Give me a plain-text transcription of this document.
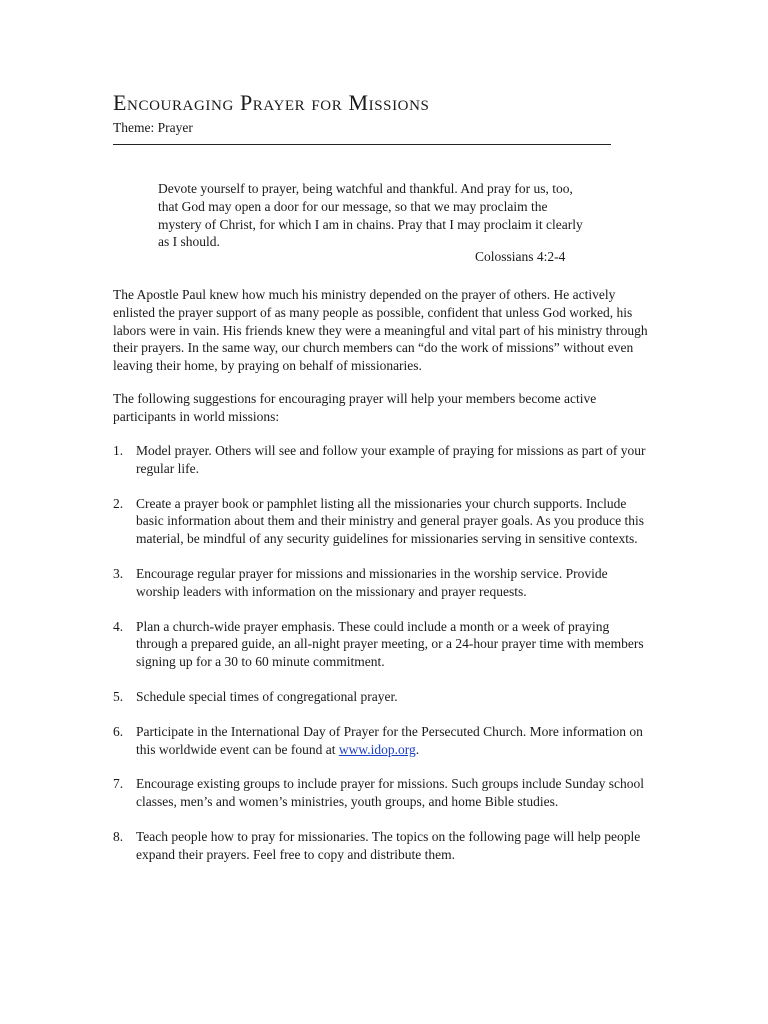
Encouraging Prayer for Missions
Theme: Prayer
Devote yourself to prayer, being watchful and thankful. And pray for us, too, that God may open a door for our message, so that we may proclaim the mystery of Christ, for which I am in chains. Pray that I may proclaim it clearly as I should.
Colossians 4:2-4
The Apostle Paul knew how much his ministry depended on the prayer of others. He actively enlisted the prayer support of as many people as possible, confident that unless God worked, his labors were in vain. His friends knew they were a meaningful and vital part of his ministry through their prayers. In the same way, our church members can “do the work of missions” without even leaving their home, by praying on behalf of missionaries.
The following suggestions for encouraging prayer will help your members become active participants in world missions:
1. Model prayer. Others will see and follow your example of praying for missions as part of your regular life.
2. Create a prayer book or pamphlet listing all the missionaries your church supports. Include basic information about them and their ministry and general prayer goals. As you produce this material, be mindful of any security guidelines for missionaries serving in sensitive contexts.
3. Encourage regular prayer for missions and missionaries in the worship service. Provide worship leaders with information on the missionary and prayer requests.
4. Plan a church-wide prayer emphasis. These could include a month or a week of praying through a prepared guide, an all-night prayer meeting, or a 24-hour prayer time with members signing up for a 30 to 60 minute commitment.
5. Schedule special times of congregational prayer.
6. Participate in the International Day of Prayer for the Persecuted Church. More information on this worldwide event can be found at www.idop.org.
7. Encourage existing groups to include prayer for missions. Such groups include Sunday school classes, men’s and women’s ministries, youth groups, and home Bible studies.
8. Teach people how to pray for missionaries. The topics on the following page will help people expand their prayers. Feel free to copy and distribute them.
